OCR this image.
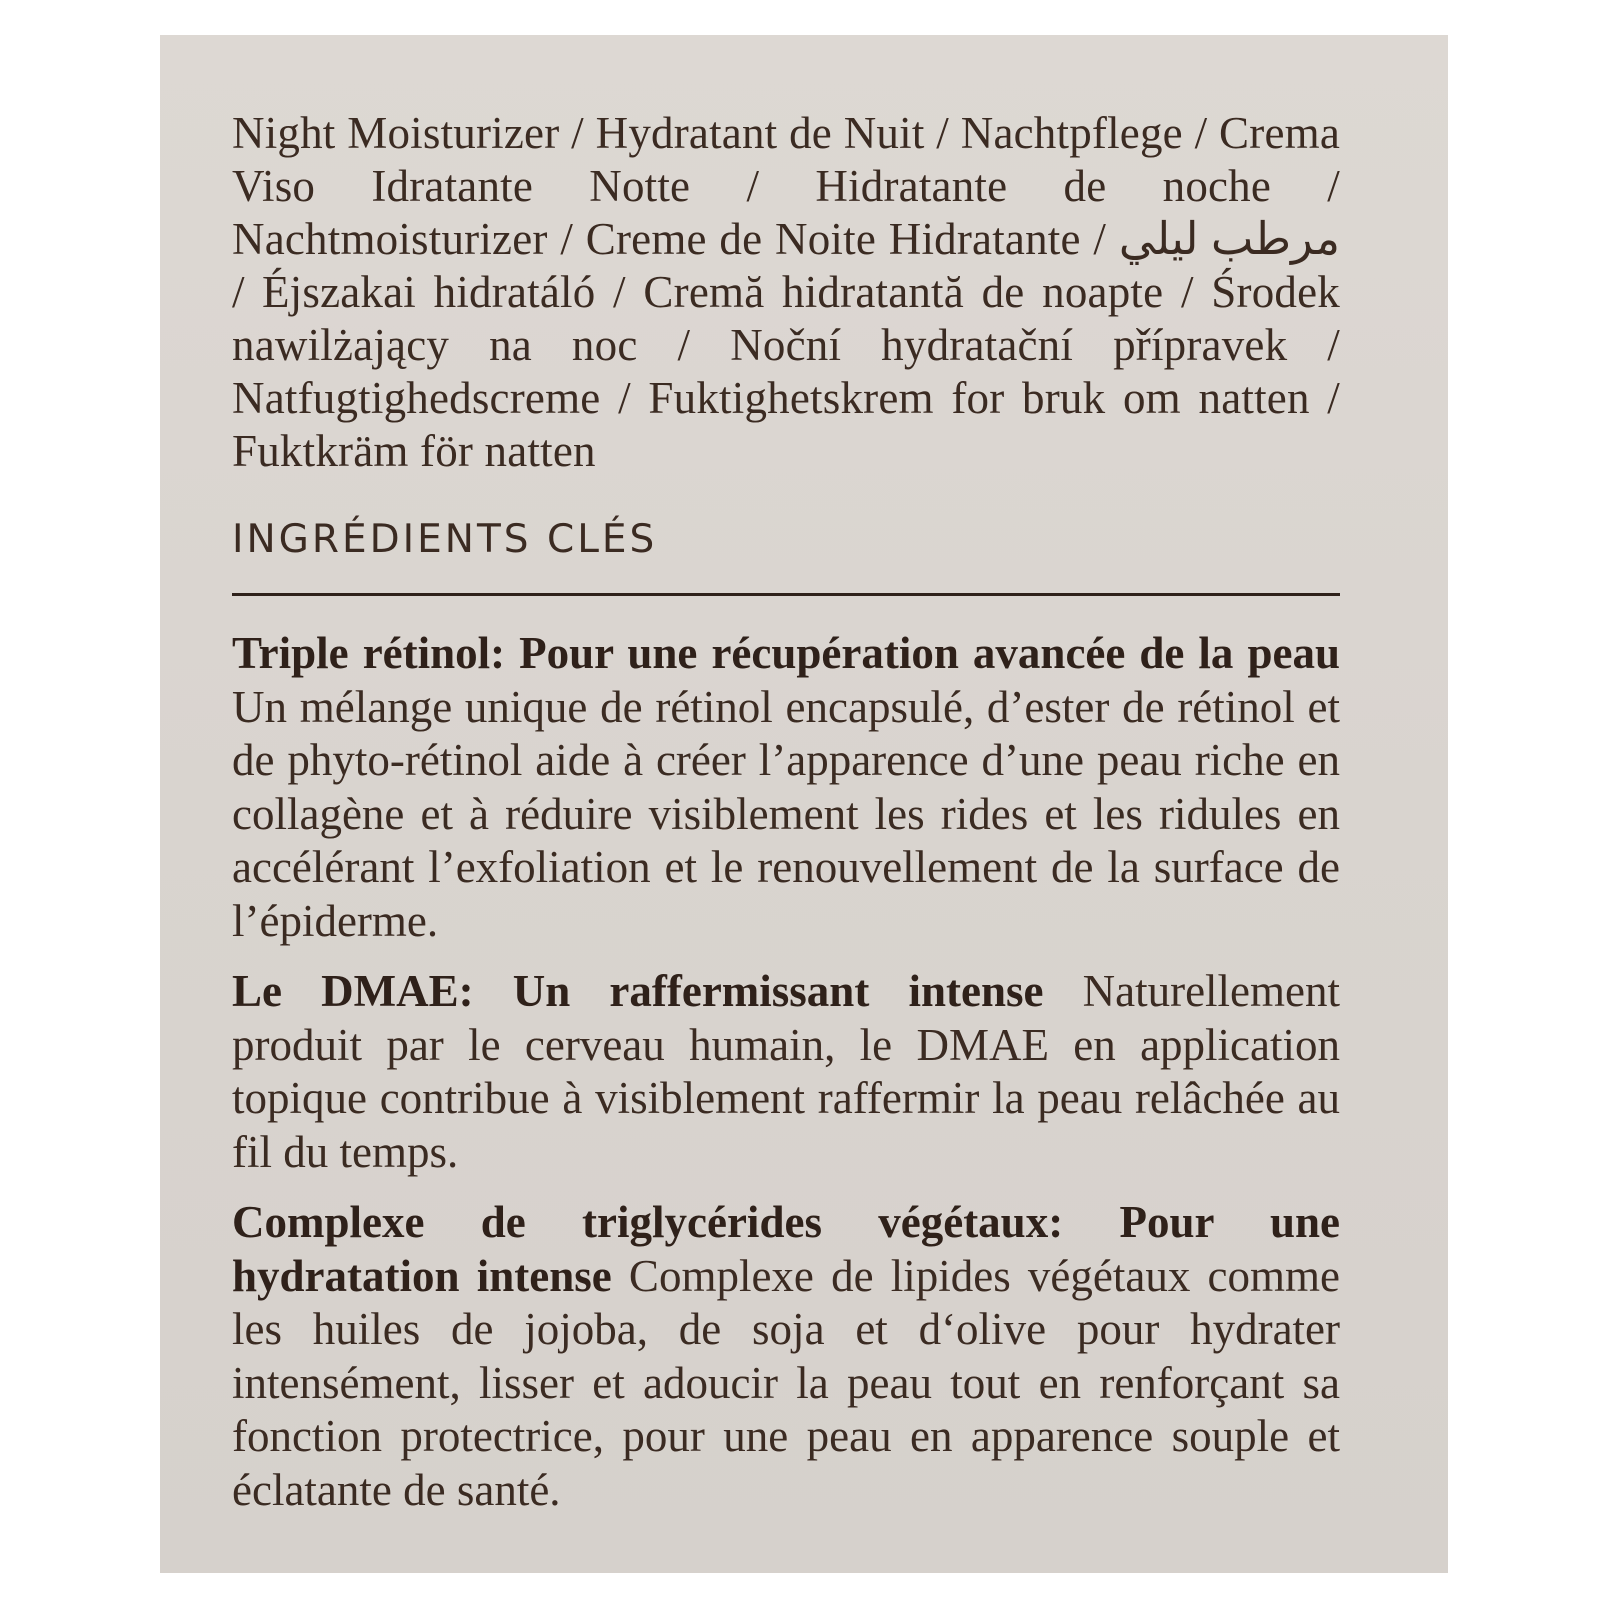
Night Moisturizer / Hydratant de Nuit / Nachtpflege / Crema Viso Idratante Notte / Hidratante de noche / Nachtmoisturizer / Creme de Noite Hidratante / مرطب ليلي / Éjszakai hidratáló / Cremă hidratantă de noapte / Środek nawilżający na noc / Noční hydratační přípravek / Natfugtighedscreme / Fuktighetskrem for bruk om natten / Fuktkräm för natten

INGRÉDIENTS CLÉS

Triple rétinol: Pour une récupération avancée de la peau Un mélange unique de rétinol encapsulé, d’ester de rétinol et de phyto-rétinol aide à créer l’apparence d’une peau riche en collagène et à réduire visiblement les rides et les ridules en accélérant l’exfoliation et le renouvellement de la surface de l’épiderme.

Le DMAE: Un raffermissant intense Naturellement produit par le cerveau humain, le DMAE en application topique contribue à visiblement raffermir la peau relâchée au fil du temps.

Complexe de triglycérides végétaux: Pour une hydratation intense Complexe de lipides végétaux comme les huiles de jojoba, de soja et d‘olive pour hydrater intensément, lisser et adoucir la peau tout en renforçant sa fonction protectrice, pour une peau en apparence souple et éclatante de santé.
